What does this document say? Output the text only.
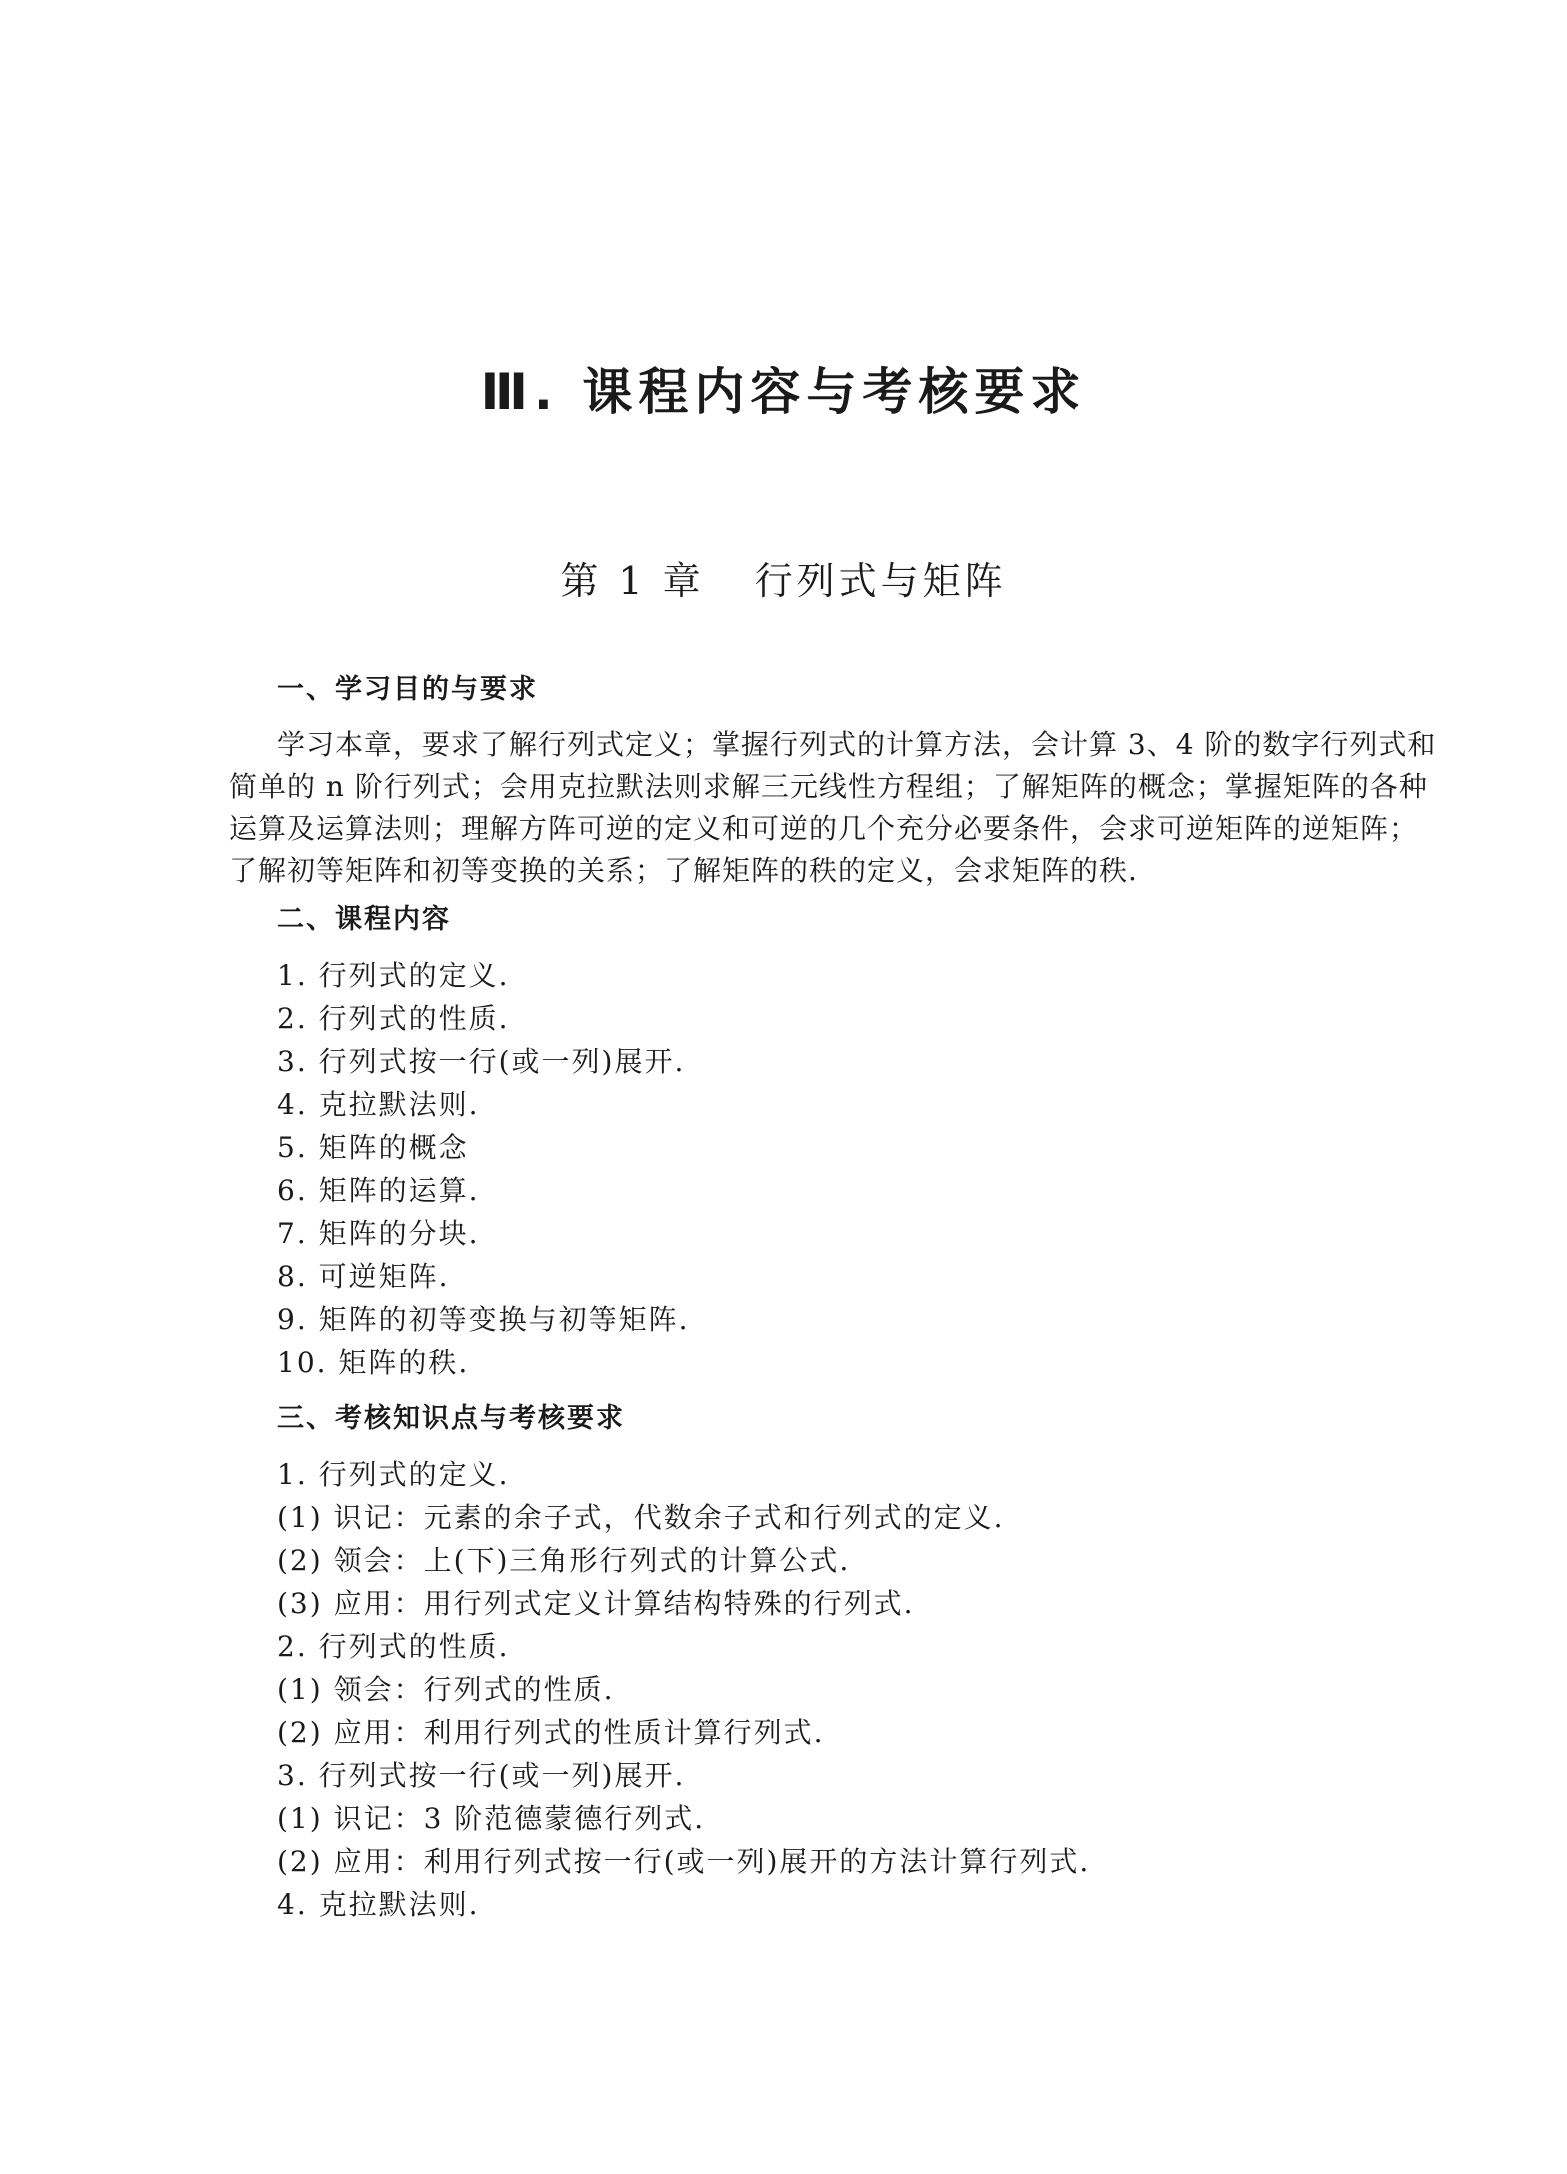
Ⅲ. 课程内容与考核要求
第 1 章 行列式与矩阵
一、学习目的与要求
学习本章，要求了解行列式定义；掌握行列式的计算方法，会计算 3、4 阶的数字行列式和
简单的 n 阶行列式；会用克拉默法则求解三元线性方程组；了解矩阵的概念；掌握矩阵的各种
运算及运算法则；理解方阵可逆的定义和可逆的几个充分必要条件，会求可逆矩阵的逆矩阵；
了解初等矩阵和初等变换的关系；了解矩阵的秩的定义，会求矩阵的秩.
二、课程内容
1. 行列式的定义.
2. 行列式的性质.
3. 行列式按一行(或一列)展开.
4. 克拉默法则.
5. 矩阵的概念
6. 矩阵的运算.
7. 矩阵的分块.
8. 可逆矩阵.
9. 矩阵的初等变换与初等矩阵.
10. 矩阵的秩.
三、考核知识点与考核要求
1. 行列式的定义.
(1) 识记：元素的余子式，代数余子式和行列式的定义.
(2) 领会：上(下)三角形行列式的计算公式.
(3) 应用：用行列式定义计算结构特殊的行列式.
2. 行列式的性质.
(1) 领会：行列式的性质.
(2) 应用：利用行列式的性质计算行列式.
3. 行列式按一行(或一列)展开.
(1) 识记：3 阶范德蒙德行列式.
(2) 应用：利用行列式按一行(或一列)展开的方法计算行列式.
4. 克拉默法则.
